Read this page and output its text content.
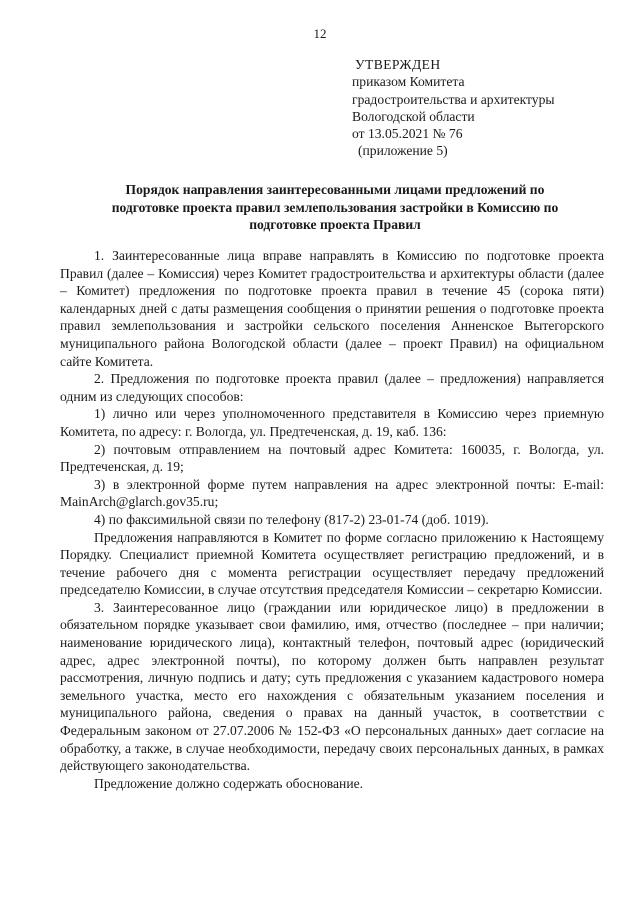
12
УТВЕРЖДЕН
приказом Комитета
градостроительства и архитектуры
Вологодской области
от 13.05.2021 № 76
(приложение 5)
Порядок направления заинтересованными лицами предложений по
подготовке проекта правил землепользования застройки в Комиссию по
подготовке проекта Правил

1. Заинтересованные лица вправе направлять в Комиссию по подготовке проекта Правил (далее – Комиссия) через Комитет градостроительства и архитектуры области (далее – Комитет) предложения по подготовке проекта правил в течение 45 (сорока пяти) календарных дней с даты размещения сообщения о принятии решения о подготовке проекта правил землепользования и застройки сельского поселения Анненское Вытегорского муниципального района Вологодской области (далее – проект Правил) на официальном сайте Комитета.

2. Предложения по подготовке проекта правил (далее – предложения) направляется одним из следующих способов:

1) лично или через уполномоченного представителя в Комиссию через приемную Комитета, по адресу: г. Вологда, ул. Предтеченская, д. 19, каб. 136:

2) почтовым отправлением на почтовый адрес Комитета: 160035, г. Вологда, ул. Предтеченская, д. 19;

3) в электронной форме путем направления на адрес электронной почты: E-mail: MainArch@glarch.gov35.ru;

4) по факсимильной связи по телефону (817-2) 23-01-74 (доб. 1019).

Предложения направляются в Комитет по форме согласно приложению к Настоящему Порядку. Специалист приемной Комитета осуществляет регистрацию предложений, и в течение рабочего дня с момента регистрации осуществляет передачу предложений председателю Комиссии, в случае отсутствия председателя Комиссии – секретарю Комиссии.

3. Заинтересованное лицо (граждании или юридическое лицо) в предложении в обязательном порядке указывает свои фамилию, имя, отчество (последнее – при наличии; наименование юридического лица), контактный телефон, почтовый адрес (юридический адрес, адрес электронной почты), по которому должен быть направлен результат рассмотрения, личную подпись и дату; суть предложения с указанием кадастрового номера земельного участка, место его нахождения с обязательным указанием поселения и муниципального района, сведения о правах на данный участок, в соответствии с Федеральным законом от 27.07.2006 № 152-ФЗ «О персональных данных» дает согласие на обработку, а также, в случае необходимости, передачу своих персональных данных, в рамках действующего законодательства.

Предложение должно содержать обоснование.
